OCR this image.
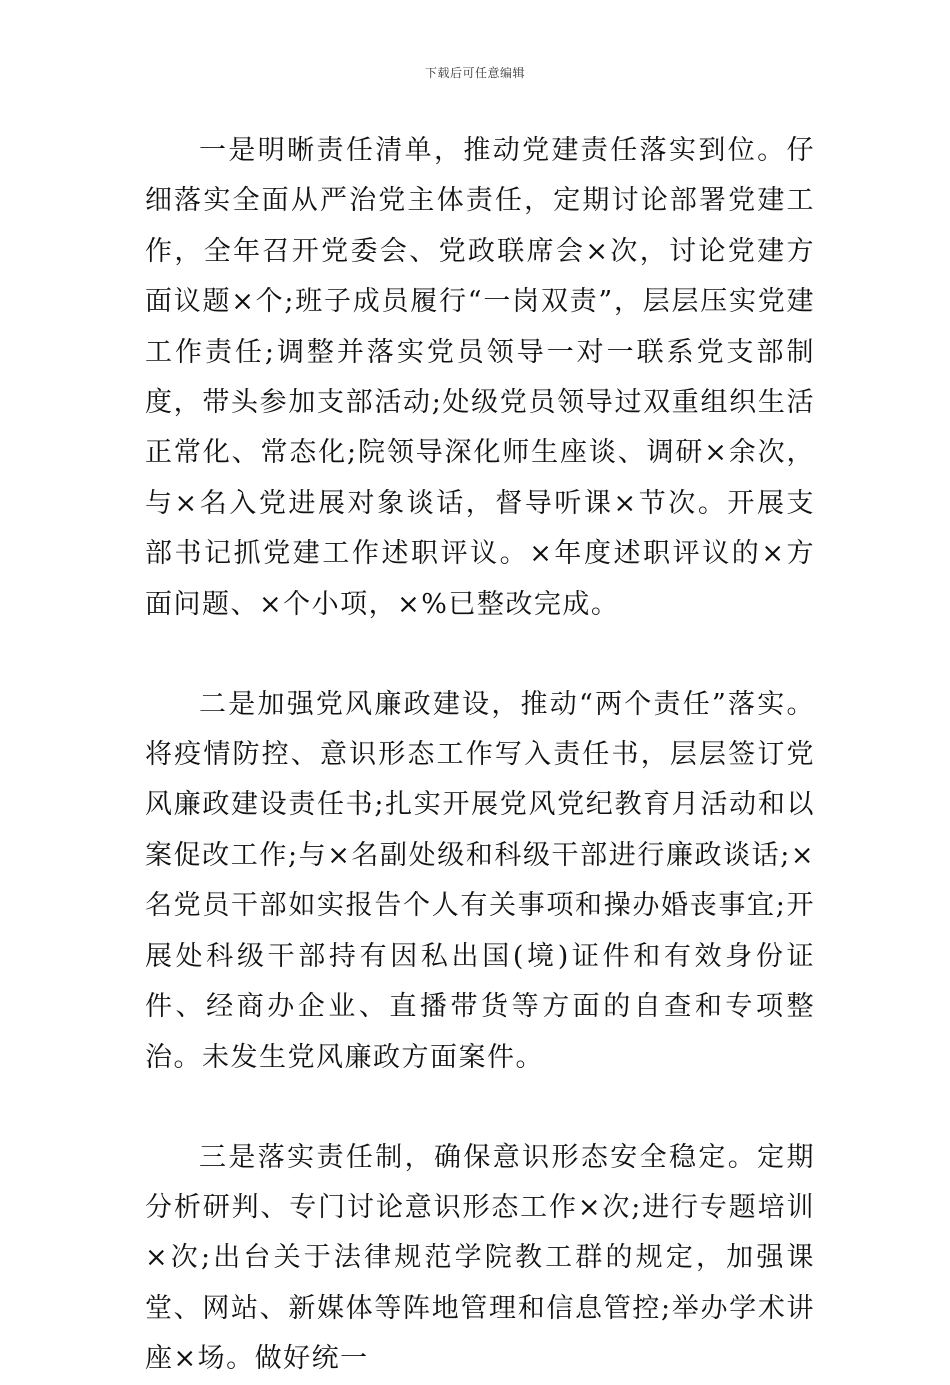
下载后可任意编辑

一是明晰责任清单，推动党建责任落实到位。仔细落实全面从严治党主体责任，定期讨论部署党建工作，全年召开党委会、党政联席会×次，讨论党建方面议题×个;班子成员履行“一岗双责”，层层压实党建工作责任;调整并落实党员领导一对一联系党支部制度，带头参加支部活动;处级党员领导过双重组织生活正常化、常态化;院领导深化师生座谈、调研×余次，与×名入党进展对象谈话，督导听课×节次。开展支部书记抓党建工作述职评议。×年度述职评议的×方面问题、×个小项，×%已整改完成。

二是加强党风廉政建设，推动“两个责任”落实。将疫情防控、意识形态工作写入责任书，层层签订党风廉政建设责任书;扎实开展党风党纪教育月活动和以案促改工作;与×名副处级和科级干部进行廉政谈话;×名党员干部如实报告个人有关事项和操办婚丧事宜;开展处科级干部持有因私出国(境)证件和有效身份证件、经商办企业、直播带货等方面的自查和专项整治。未发生党风廉政方面案件。

三是落实责任制，确保意识形态安全稳定。定期分析研判、专门讨论意识形态工作×次;进行专题培训×次;出台关于法律规范学院教工群的规定，加强课堂、网站、新媒体等阵地管理和信息管控;举办学术讲座×场。做好统一
